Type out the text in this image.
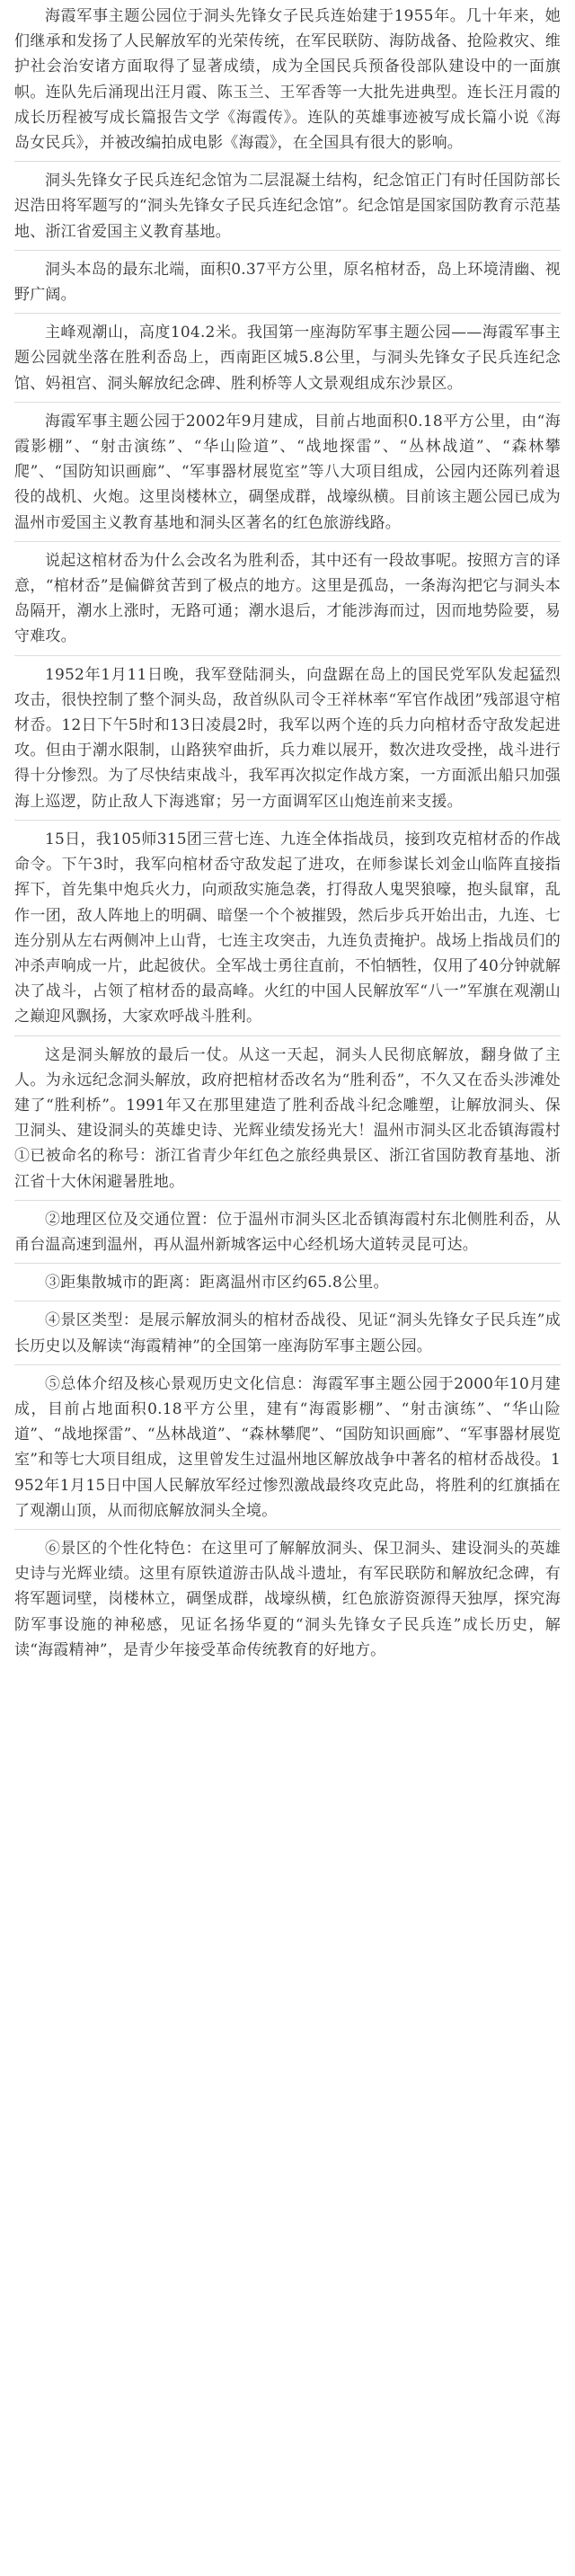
海霞军事主题公园位于洞头先锋女子民兵连始建于1955年。几十年来，她们继承和发扬了人民解放军的光荣传统，在军民联防、海防战备、抢险救灾、维护社会治安诸方面取得了显著成绩，成为全国民兵预备役部队建设中的一面旗帜。连队先后涌现出汪月霞、陈玉兰、王军香等一大批先进典型。连长汪月霞的成长历程被写成长篇报告文学《海霞传》。连队的英雄事迹被写成长篇小说《海岛女民兵》，并被改编拍成电影《海霞》，在全国具有很大的影响。

洞头先锋女子民兵连纪念馆为二层混凝土结构，纪念馆正门有时任国防部长迟浩田将军题写的“洞头先锋女子民兵连纪念馆”。纪念馆是国家国防教育示范基地、浙江省爱国主义教育基地。

洞头本岛的最东北端，面积0.37平方公里，原名棺材岙，岛上环境清幽、视野广阔。

主峰观潮山，高度104.2米。我国第一座海防军事主题公园——海霞军事主题公园就坐落在胜利岙岛上，西南距区城5.8公里，与洞头先锋女子民兵连纪念馆、妈祖宫、洞头解放纪念碑、胜利桥等人文景观组成东沙景区。

海霞军事主题公园于2002年9月建成，目前占地面积0.18平方公里，由“海霞影棚”、“射击演练”、“华山险道”、“战地探雷”、“丛林战道”、“森林攀爬”、“国防知识画廊”、“军事器材展览室”等八大项目组成，公园内还陈列着退役的战机、火炮。这里岗楼林立，碉堡成群，战壕纵横。目前该主题公园已成为温州市爱国主义教育基地和洞头区著名的红色旅游线路。

说起这棺材岙为什么会改名为胜利岙，其中还有一段故事呢。按照方言的译意，“棺材岙”是偏僻贫苦到了极点的地方。这里是孤岛，一条海沟把它与洞头本岛隔开，潮水上涨时，无路可通；潮水退后，才能涉海而过，因而地势险要，易守难攻。

1952年1月11日晚，我军登陆洞头，向盘踞在岛上的国民党军队发起猛烈攻击，很快控制了整个洞头岛，敌首纵队司令王祥林率“军官作战团”残部退守棺材岙。12日下午5时和13日凌晨2时，我军以两个连的兵力向棺材岙守敌发起进攻。但由于潮水限制，山路狭窄曲折，兵力难以展开，数次进攻受挫，战斗进行得十分惨烈。为了尽快结束战斗，我军再次拟定作战方案，一方面派出船只加强海上巡逻，防止敌人下海逃窜；另一方面调军区山炮连前来支援。

15日，我105师315团三营七连、九连全体指战员，接到攻克棺材岙的作战命令。下午3时，我军向棺材岙守敌发起了进攻，在师参谋长刘金山临阵直接指挥下，首先集中炮兵火力，向顽敌实施急袭，打得敌人鬼哭狼嚎，抱头鼠窜，乱作一团，敌人阵地上的明碉、暗堡一个个被摧毁，然后步兵开始出击，九连、七连分别从左右两侧冲上山背，七连主攻突击，九连负责掩护。战场上指战员们的冲杀声响成一片，此起彼伏。全军战士勇往直前，不怕牺牲，仅用了40分钟就解决了战斗，占领了棺材岙的最高峰。火红的中国人民解放军“八一”军旗在观潮山之巅迎风飘扬，大家欢呼战斗胜利。

这是洞头解放的最后一仗。从这一天起，洞头人民彻底解放，翻身做了主人。为永远纪念洞头解放，政府把棺材岙改名为“胜利岙”，不久又在岙头涉滩处建了“胜利桥”。1991年又在那里建造了胜利岙战斗纪念雕塑，让解放洞头、保卫洞头、建设洞头的英雄史诗、光辉业绩发扬光大！温州市洞头区北岙镇海霞村①已被命名的称号：浙江省青少年红色之旅经典景区、浙江省国防教育基地、浙江省十大休闲避暑胜地。

②地理区位及交通位置：位于温州市洞头区北岙镇海霞村东北侧胜利岙，从甬台温高速到温州，再从温州新城客运中心经机场大道转灵昆可达。

③距集散城市的距离：距离温州市区约65.8公里。

④景区类型：是展示解放洞头的棺材岙战役、见证“洞头先锋女子民兵连”成长历史以及解读“海霞精神”的全国第一座海防军事主题公园。

⑤总体介绍及核心景观历史文化信息：海霞军事主题公园于2000年10月建成，目前占地面积0.18平方公里，建有“海霞影棚”、“射击演练”、“华山险道”、“战地探雷”、“丛林战道”、“森林攀爬”、“国防知识画廊”、“军事器材展览室”和等七大项目组成，这里曾发生过温州地区解放战争中著名的棺材岙战役。1952年1月15日中国人民解放军经过惨烈激战最终攻克此岛，将胜利的红旗插在了观潮山顶，从而彻底解放洞头全境。

⑥景区的个性化特色：在这里可了解解放洞头、保卫洞头、建设洞头的英雄史诗与光辉业绩。这里有原铁道游击队战斗遗址，有军民联防和解放纪念碑，有将军题词壁，岗楼林立，碉堡成群，战壕纵横，红色旅游资源得天独厚，探究海防军事设施的神秘感，见证名扬华夏的“洞头先锋女子民兵连”成长历史，解读“海霞精神”，是青少年接受革命传统教育的好地方。
